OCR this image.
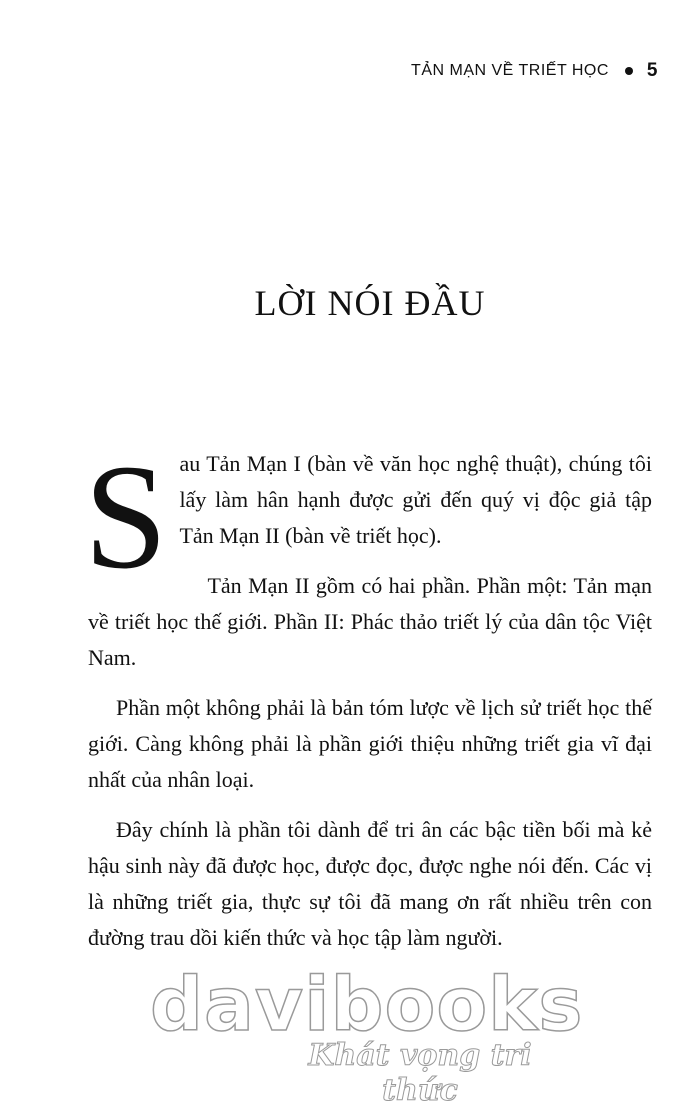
TẢN MẠN VỀ TRIẾT HỌC 5
LỜI NÓI ĐẦU

Sau Tản Mạn I (bàn về văn học nghệ thuật), chúng tôi lấy làm hân hạnh được gửi đến quý vị độc giả tập Tản Mạn II (bàn về triết học).

Tản Mạn II gồm có hai phần. Phần một: Tản mạn về triết học thế giới. Phần II: Phác thảo triết lý của dân tộc Việt Nam.

Phần một không phải là bản tóm lược về lịch sử triết học thế giới. Càng không phải là phần giới thiệu những triết gia vĩ đại nhất của nhân loại.

Đây chính là phần tôi dành để tri ân các bậc tiền bối mà kẻ hậu sinh này đã được học, được đọc, được nghe nói đến. Các vị là những triết gia, thực sự tôi đã mang ơn rất nhiều trên con đường trau dồi kiến thức và học tập làm người.

davibooks
Khát vọng tri thức
